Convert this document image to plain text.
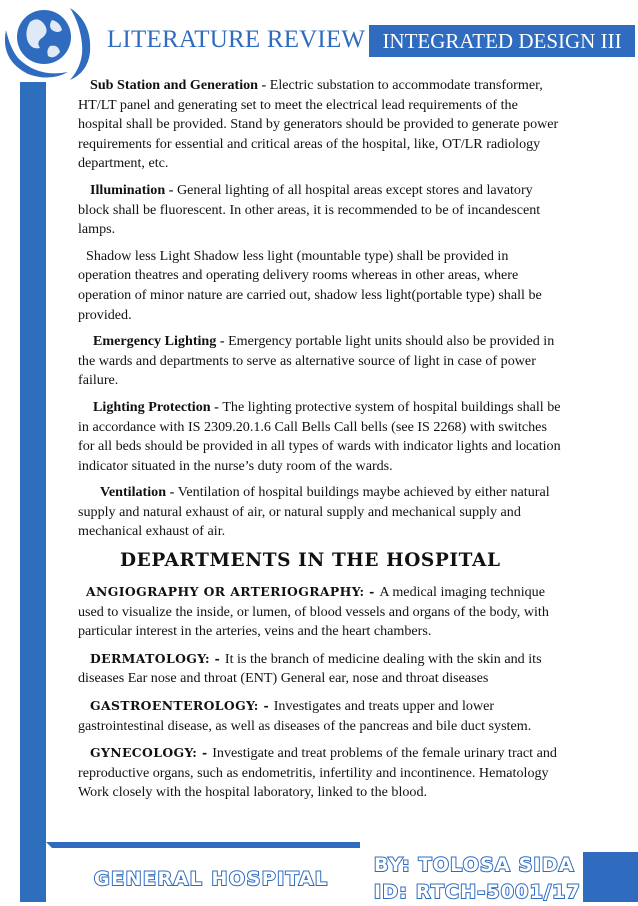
LITERATURE REVIEW INTEGRATED DESIGN III

Sub Station and Generation - Electric substation to accommodate transformer, HT/LT panel and generating set to meet the electrical lead requirements of the hospital shall be provided. Stand by generators should be provided to generate power requirements for essential and critical areas of the hospital, like, OT/LR radiology department, etc.

Illumination - General lighting of all hospital areas except stores and lavatory block shall be fluorescent. In other areas, it is recommended to be of incandescent lamps.

Shadow less Light Shadow less light (mountable type) shall be provided in operation theatres and operating delivery rooms whereas in other areas, where operation of minor nature are carried out, shadow less light(portable type) shall be provided.

Emergency Lighting - Emergency portable light units should also be provided in the wards and departments to serve as alternative source of light in case of power failure.

Lighting Protection - The lighting protective system of hospital buildings shall be in accordance with IS 2309.20.1.6 Call Bells Call bells (see IS 2268) with switches for all beds should be provided in all types of wards with indicator lights and location indicator situated in the nurse’s duty room of the wards.

Ventilation - Ventilation of hospital buildings maybe achieved by either natural supply and natural exhaust of air, or natural supply and mechanical supply and mechanical exhaust of air.

DEPARTMENTS IN THE HOSPITAL

ANGIOGRAPHY OR ARTERIOGRAPHY: - A medical imaging technique used to visualize the inside, or lumen, of blood vessels and organs of the body, with particular interest in the arteries, veins and the heart chambers.

DERMATOLOGY: - It is the branch of medicine dealing with the skin and its diseases Ear nose and throat (ENT) General ear, nose and throat diseases

GASTROENTEROLOGY: - Investigates and treats upper and lower gastrointestinal disease, as well as diseases of the pancreas and bile duct system.

GYNECOLOGY: - Investigate and treat problems of the female urinary tract and reproductive organs, such as endometritis, infertility and incontinence. Hematology Work closely with the hospital laboratory, linked to the blood.

GENERAL HOSPITAL
BY: TOLOSA SIDA
ID: RTCH-5001/17
